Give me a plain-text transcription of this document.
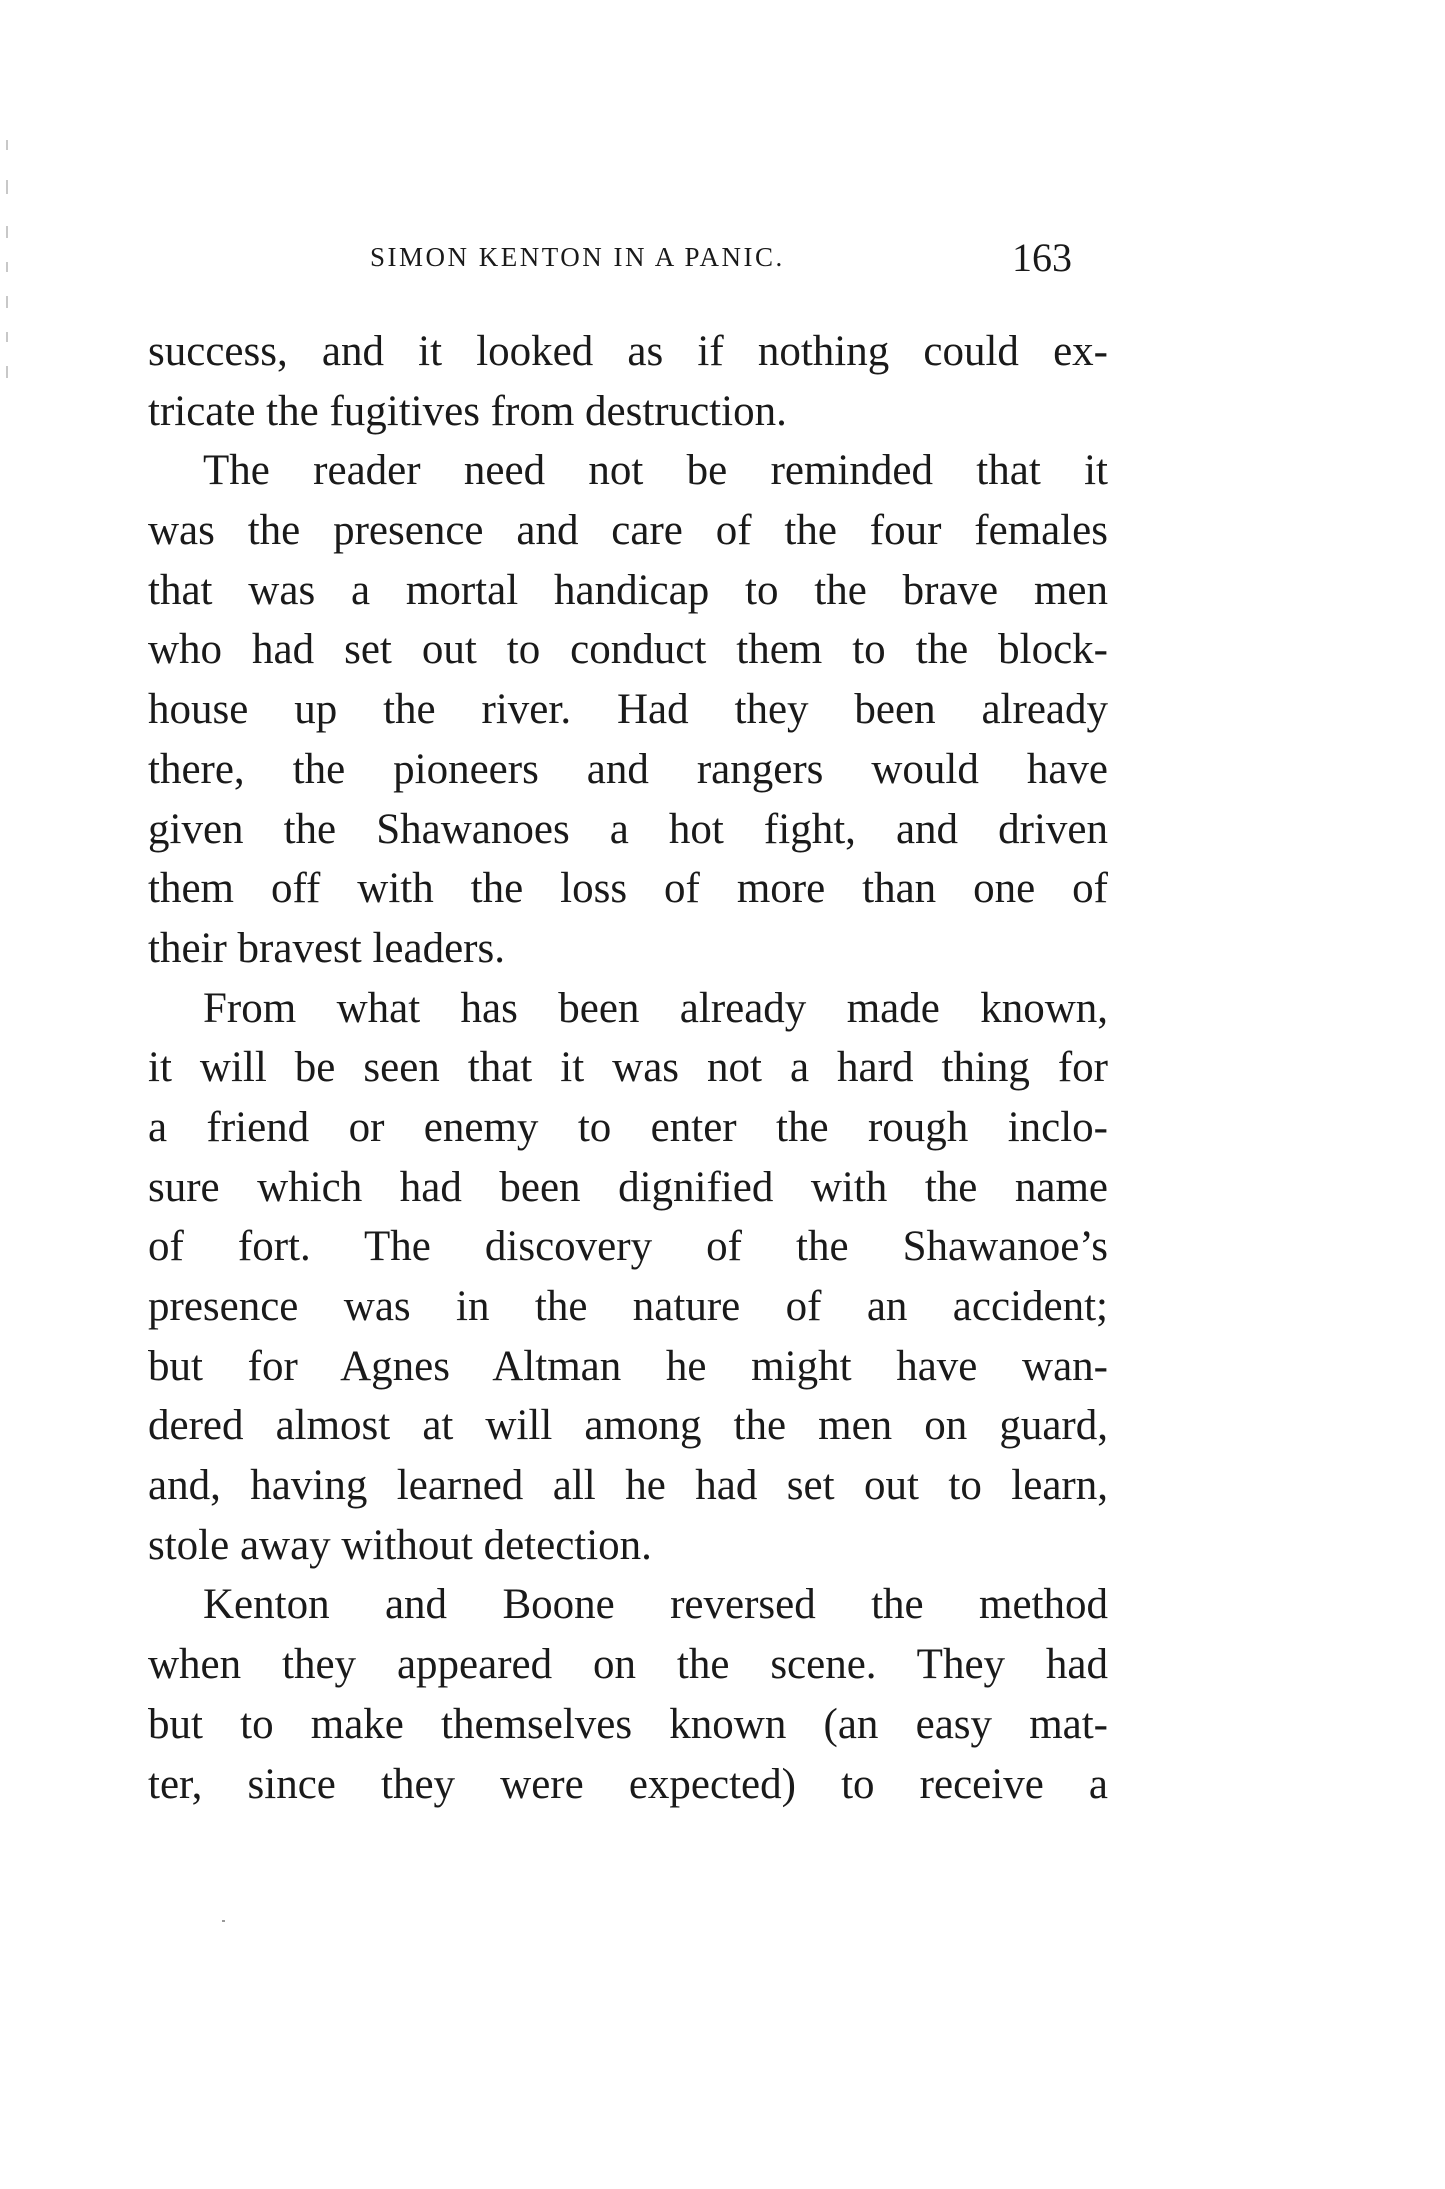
SIMON KENTON IN A PANIC.	163
success, and it looked as if nothing could ex-
tricate the fugitives from destruction.
The reader need not be reminded that it
was the presence and care of the four females
that was a mortal handicap to the brave men
who had set out to conduct them to the block-
house up the river. Had they been already
there, the pioneers and rangers would have
given the Shawanoes a hot fight, and driven
them off with the loss of more than one of
their bravest leaders.
From what has been already made known,
it will be seen that it was not a hard thing for
a friend or enemy to enter the rough inclo-
sure which had been dignified with the name
of fort. The discovery of the Shawanoe’s
presence was in the nature of an accident;
but for Agnes Altman he might have wan-
dered almost at will among the men on guard,
and, having learned all he had set out to learn,
stole away without detection.
Kenton and Boone reversed the method
when they appeared on the scene. They had
but to make themselves known (an easy mat-
ter, since they were expected) to receive a
